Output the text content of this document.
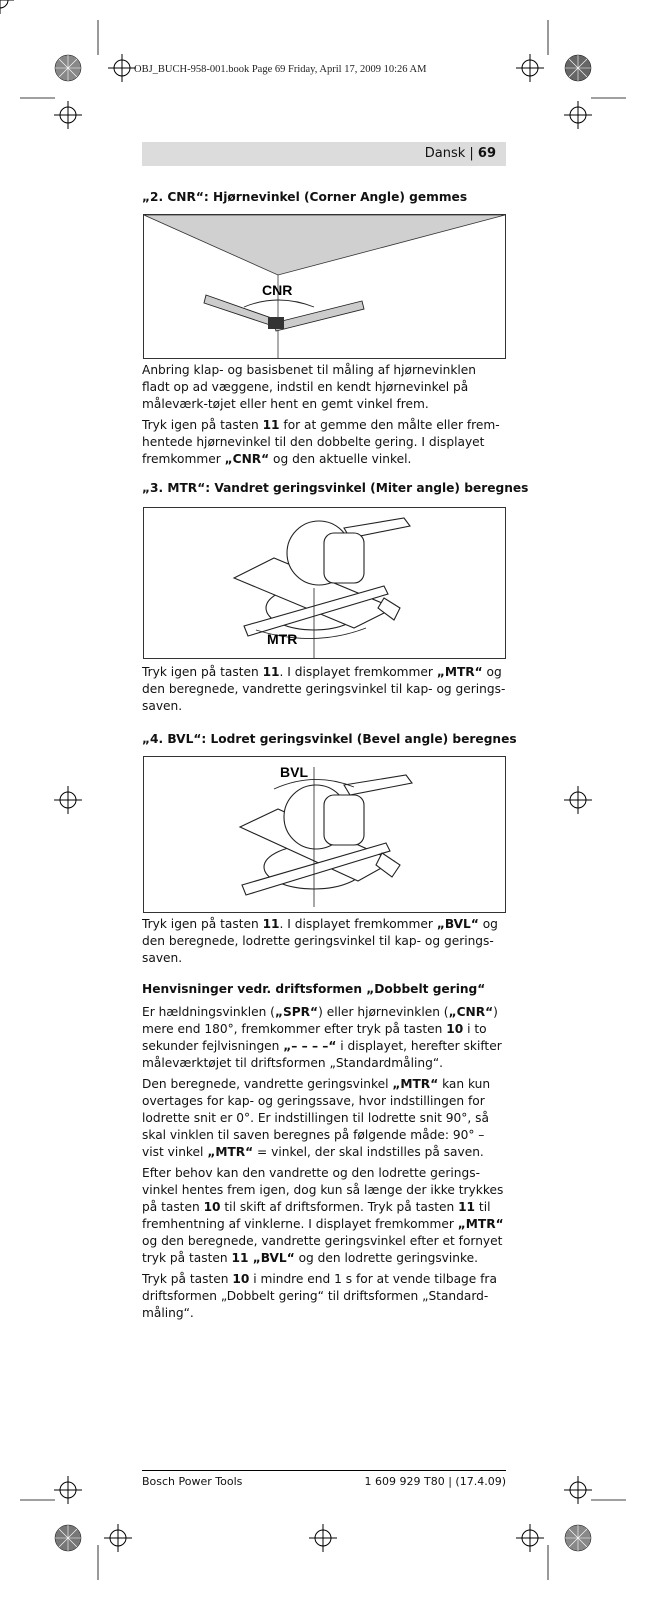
OBJ_BUCH-958-001.book Page 69 Friday, April 17, 2009 10:26 AM
Dansk | 69
„2. CNR“: Hjørnevinkel (Corner Angle) gemmes
CNR

Anbring klap- og basisbenet til måling af hjørnevinklen fladt op ad væggene, indstil en kendt hjørnevinkel på måleværk-tøjet eller hent en gemt vinkel frem.

Tryk igen på tasten 11 for at gemme den målte eller frem-hentede hjørnevinkel til den dobbelte gering. I displayet fremkommer „CNR“ og den aktuelle vinkel.

„3. MTR“: Vandret geringsvinkel (Miter angle) beregnes
MTR

Tryk igen på tasten 11. I displayet fremkommer „MTR“ og den beregnede, vandrette geringsvinkel til kap- og gerings-saven.

„4. BVL“: Lodret geringsvinkel (Bevel angle) beregnes
BVL

Tryk igen på tasten 11. I displayet fremkommer „BVL“ og den beregnede, lodrette geringsvinkel til kap- og gerings-saven.

Henvisninger vedr. driftsformen „Dobbelt gering“

Er hældningsvinklen („SPR“) eller hjørnevinklen („CNR“) mere end 180°, fremkommer efter tryk på tasten 10 i to sekunder fejlvisningen „– – – –“ i displayet, herefter skifter måleværktøjet til driftsformen „Standardmåling“.

Den beregnede, vandrette geringsvinkel „MTR“ kan kun overtages for kap- og geringssave, hvor indstillingen for lodrette snit er 0°. Er indstillingen til lodrette snit 90°, så skal vinklen til saven beregnes på følgende måde: 90° – vist vinkel „MTR“ = vinkel, der skal indstilles på saven.

Efter behov kan den vandrette og den lodrette gerings-vinkel hentes frem igen, dog kun så længe der ikke trykkes på tasten 10 til skift af driftsformen. Tryk på tasten 11 til fremhentning af vinklerne. I displayet fremkommer „MTR“ og den beregnede, vandrette geringsvinkel efter et fornyet tryk på tasten 11 „BVL“ og den lodrette geringsvinke.

Tryk på tasten 10 i mindre end 1 s for at vende tilbage fra driftsformen „Dobbelt gering“ til driftsformen „Standard-måling“.

Bosch Power Tools	1 609 929 T80 | (17.4.09)
